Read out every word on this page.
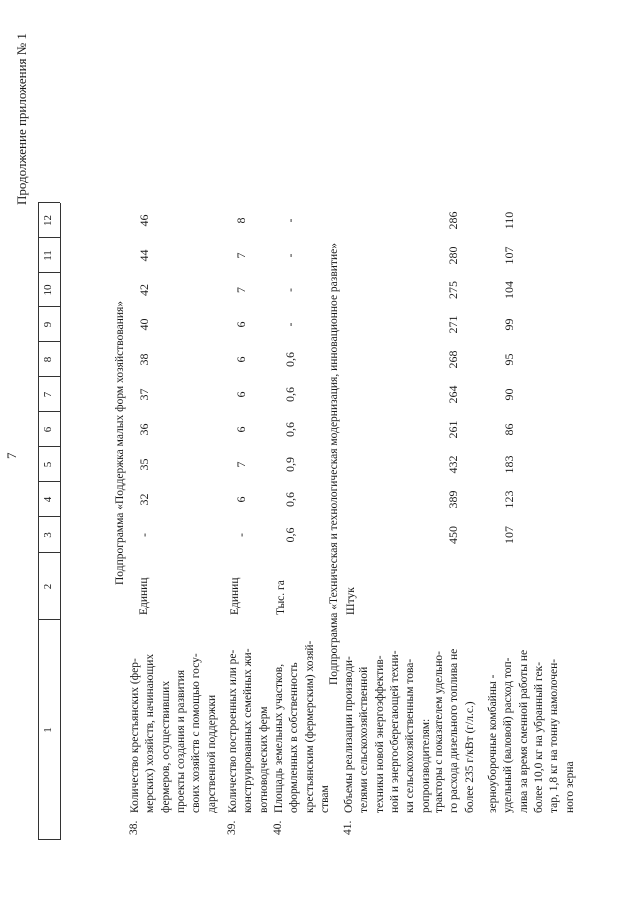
7
Продолжение приложения № 1
1
2
3
4
5
6
7
8
9
10
11
12
Подпрограмма «Поддержка малых форм хозяйствования»	Подпрограмма «Техническая и технологическая модернизация, инновационное развитие»
38.
Количество крестьянских (фер- мерских) хозяйств, начинающих фермеров, осуществивших проекты создания и развития своих хозяйств с помощью госу- дарственной поддержки
Единиц
-
32
35
36
37
38
40
42
44
46
39.
Количество построенных или ре- конструированных семейных жи- вотноводческих ферм
Единиц
-
6
7
6
6
6
6
7
7
8
40.
Площадь земельных участков, оформленных в собственность крестьянским (фермерским) хозяй- ствам
Тыс. га
0,6
0,6
0,9
0,6
0,6
0,6
-
-
-
-
41.
Объемы реализации производи- телями сельскохозяйственной техники новой энергоэффектив- ной и энергосберегающей техни- ки сельскохозяйственным това- ропроизводителям:
Штук
тракторы с показателем удельно- го расхода дизельного топлива не более 235 г/кВт (г/л.с.)
450
389
432
261
264
268
271
275
280
286
зерноуборочные комбайны - удельный (валовой) расход топ- лива за время сменной работы не более 10,0 кг на убранный гек- тар, 1,8 кг на тонну намолочен- ного зерна
107
123
183
86
90
95
99
104
107
110
